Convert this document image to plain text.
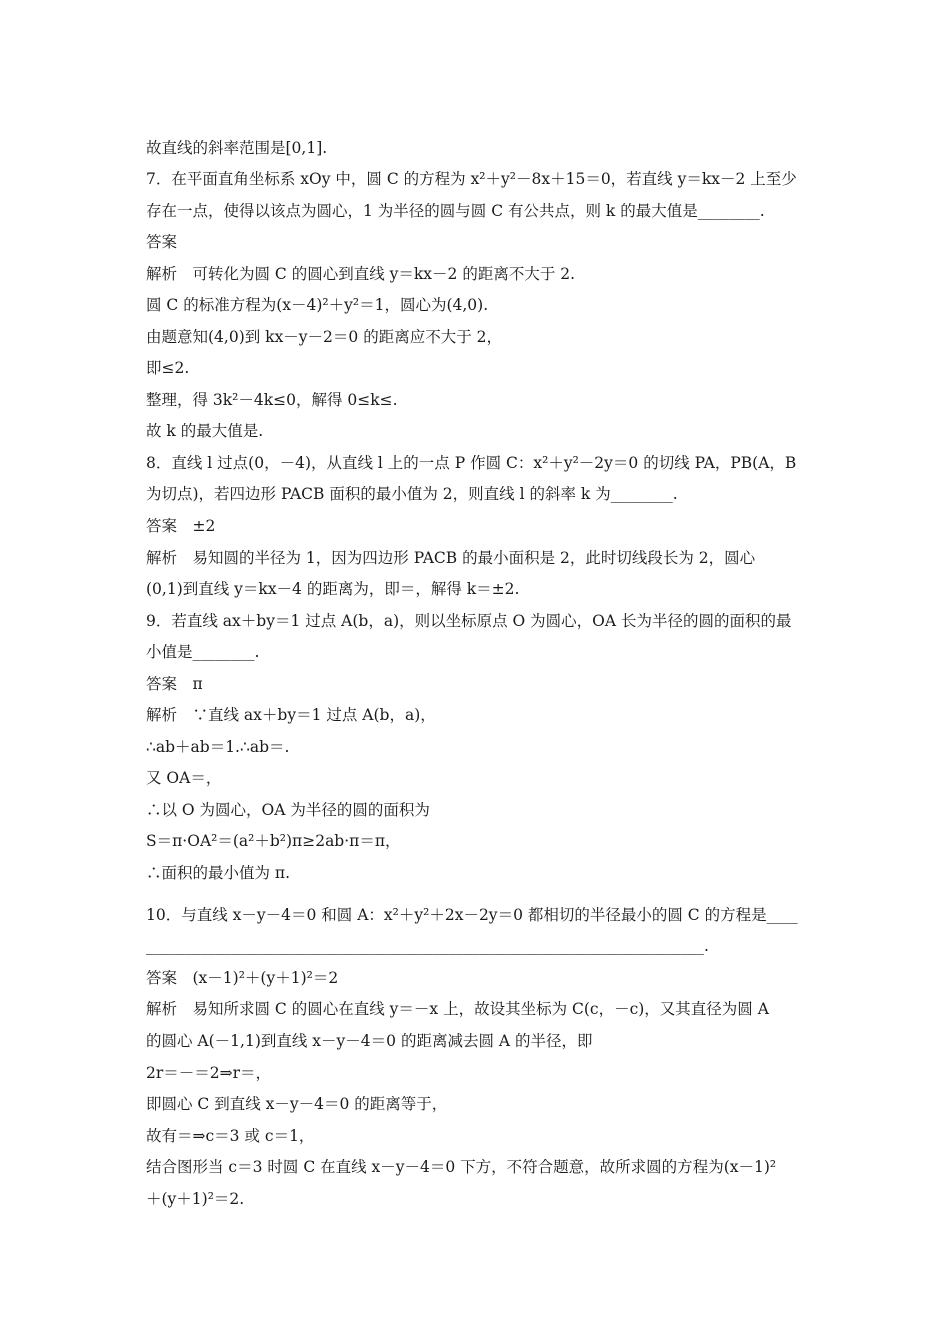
故直线的斜率范围是[0,1].
7．在平面直角坐标系 xOy 中，圆 C 的方程为 x²＋y²－8x＋15＝0，若直线 y＝kx－2 上至少
存在一点，使得以该点为圆心，1 为半径的圆与圆 C 有公共点，则 k 的最大值是________.
答案
解析　可转化为圆 C 的圆心到直线 y＝kx－2 的距离不大于 2.
圆 C 的标准方程为(x－4)²＋y²＝1，圆心为(4,0).
由题意知(4,0)到 kx－y－2＝0 的距离应不大于 2，
即≤2.
整理，得 3k²－4k≤0，解得 0≤k≤.
故 k 的最大值是.
8．直线 l 过点(0，－4)，从直线 l 上的一点 P 作圆 C：x²＋y²－2y＝0 的切线 PA，PB(A，B
为切点)，若四边形 PACB 面积的最小值为 2，则直线 l 的斜率 k 为________.
答案　±2
解析　易知圆的半径为 1，因为四边形 PACB 的最小面积是 2，此时切线段长为 2，圆心
(0,1)到直线 y＝kx－4 的距离为，即＝，解得 k＝±2.
9．若直线 ax＋by＝1 过点 A(b，a)，则以坐标原点 O 为圆心，OA 长为半径的圆的面积的最
小值是________.
答案　π
解析　∵直线 ax＋by＝1 过点 A(b，a)，
∴ab＋ab＝1.∴ab＝.
又 OA＝，
∴以 O 为圆心，OA 为半径的圆的面积为
S＝π·OA²＝(a²＋b²)π≥2ab·π＝π，
∴面积的最小值为 π.
10．与直线 x－y－4＝0 和圆 A：x²＋y²＋2x－2y＝0 都相切的半径最小的圆 C 的方程是____
________________________________________________________________________.
答案　(x－1)²＋(y＋1)²＝2
解析　易知所求圆 C 的圆心在直线 y＝－x 上，故设其坐标为 C(c，－c)，又其直径为圆 A
的圆心 A(－1,1)到直线 x－y－4＝0 的距离减去圆 A 的半径，即
2r＝－＝2⇒r＝，
即圆心 C 到直线 x－y－4＝0 的距离等于，
故有＝⇒c＝3 或 c＝1，
结合图形当 c＝3 时圆 C 在直线 x－y－4＝0 下方，不符合题意，故所求圆的方程为(x－1)²
＋(y＋1)²＝2.
